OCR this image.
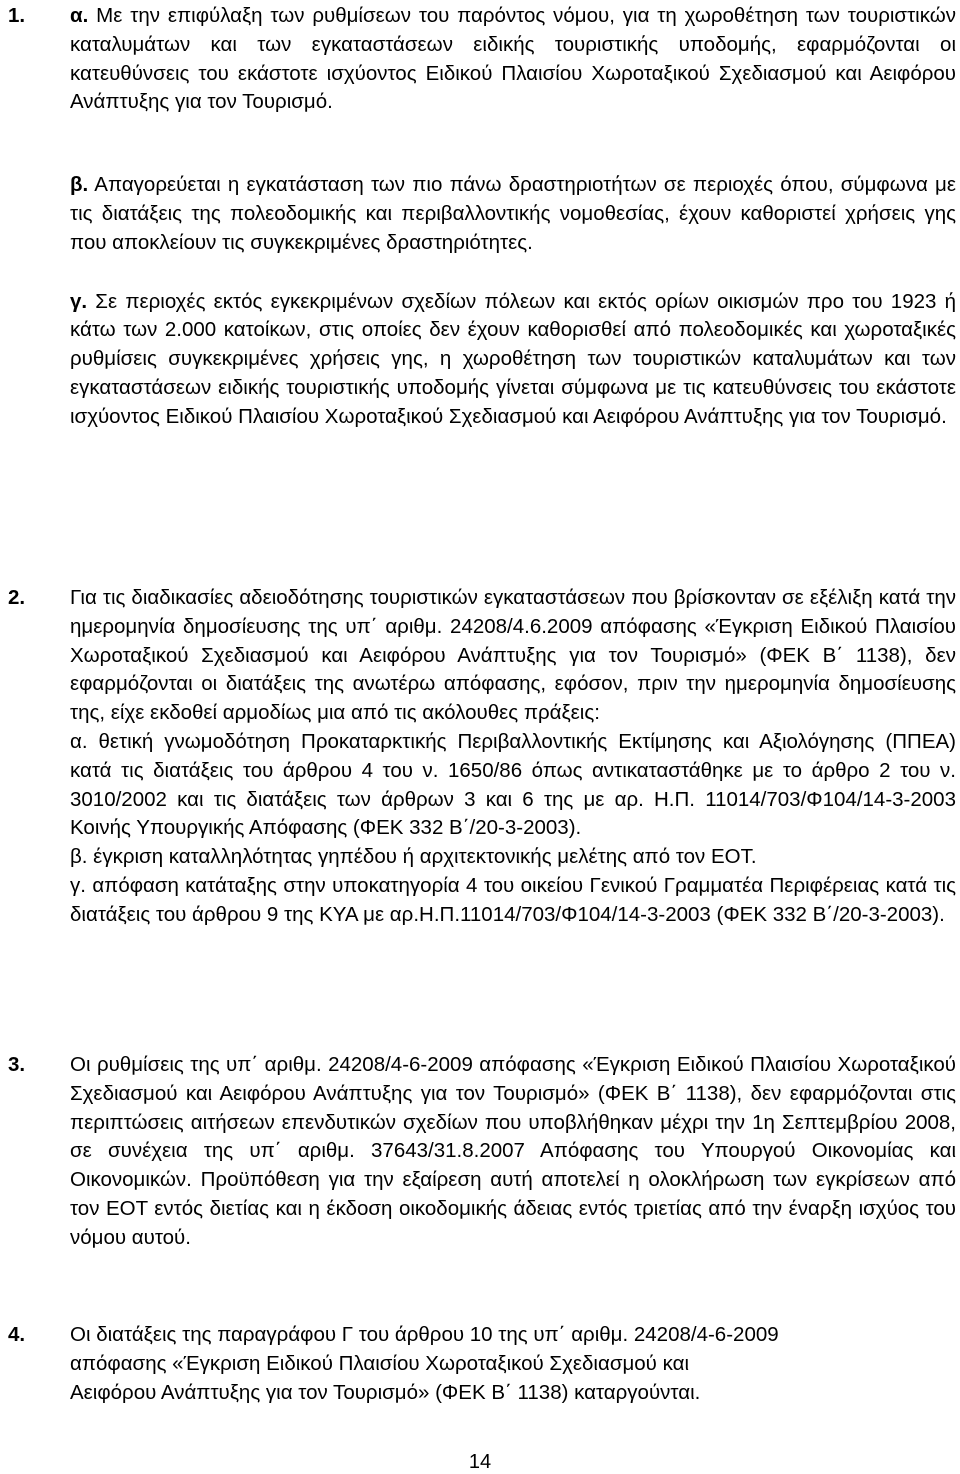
1. α. Με την επιφύλαξη των ρυθμίσεων του παρόντος νόμου, για τη χωροθέτηση των τουριστικών καταλυμάτων και των εγκαταστάσεων ειδικής τουριστικής υποδομής, εφαρμόζονται οι κατευθύνσεις του εκάστοτε ισχύοντος Ειδικού Πλαισίου Χωροταξικού Σχεδιασμού και Αειφόρου Ανάπτυξης για τον Τουρισμό.

β. Απαγορεύεται η εγκατάσταση των πιο πάνω δραστηριοτήτων σε περιοχές όπου, σύμφωνα με τις διατάξεις της πολεοδομικής και περιβαλλοντικής νομοθεσίας, έχουν καθοριστεί χρήσεις γης που αποκλείουν τις συγκεκριμένες δραστηριότητες.

γ. Σε περιοχές εκτός εγκεκριμένων σχεδίων πόλεων και εκτός ορίων οικισμών προ του 1923 ή κάτω των 2.000 κατοίκων, στις οποίες δεν έχουν καθορισθεί από πολεοδομικές και χωροταξικές ρυθμίσεις συγκεκριμένες χρήσεις γης, η χωροθέτηση των τουριστικών καταλυμάτων και των εγκαταστάσεων ειδικής τουριστικής υποδομής γίνεται σύμφωνα με τις κατευθύνσεις του εκάστοτε ισχύοντος Ειδικού Πλαισίου Χωροταξικού Σχεδιασμού και Αειφόρου Ανάπτυξης για τον Τουρισμό.

2. Για τις διαδικασίες αδειοδότησης τουριστικών εγκαταστάσεων που βρίσκονταν σε εξέλιξη κατά την ημερομηνία δημοσίευσης της υπ΄ αριθμ. 24208/4.6.2009 απόφασης «Έγκριση Ειδικού Πλαισίου Χωροταξικού Σχεδιασμού και Αειφόρου Ανάπτυξης για τον Τουρισμό» (ΦΕΚ Β΄ 1138), δεν εφαρμόζονται οι διατάξεις της ανωτέρω απόφασης, εφόσον, πριν την ημερομηνία δημοσίευσης της, είχε εκδοθεί αρμοδίως μια από τις ακόλουθες πράξεις:

α. θετική γνωμοδότηση Προκαταρκτικής Περιβαλλοντικής Εκτίμησης και Αξιολόγησης (ΠΠΕΑ) κατά τις διατάξεις του άρθρου 4 του ν. 1650/86 όπως αντικαταστάθηκε με το άρθρο 2 του ν. 3010/2002 και τις διατάξεις των άρθρων 3 και 6 της με αρ. Η.Π. 11014/703/Φ104/14-3-2003 Κοινής Υπουργικής Απόφασης (ΦΕΚ 332 Β΄/20-3-2003).

β. έγκριση καταλληλότητας γηπέδου ή αρχιτεκτονικής μελέτης από τον ΕΟΤ.

γ. απόφαση κατάταξης στην υποκατηγορία 4 του οικείου Γενικού Γραμματέα Περιφέρειας κατά τις διατάξεις του άρθρου 9 της ΚΥΑ με αρ.Η.Π.11014/703/Φ104/14-3-2003 (ΦΕΚ 332 Β΄/20-3-2003).

3. Οι ρυθμίσεις της υπ΄ αριθμ. 24208/4-6-2009 απόφασης «Έγκριση Ειδικού Πλαισίου Χωροταξικού Σχεδιασμού και Αειφόρου Ανάπτυξης για τον Τουρισμό» (ΦΕΚ Β΄ 1138), δεν εφαρμόζονται στις περιπτώσεις αιτήσεων επενδυτικών σχεδίων που υποβλήθηκαν μέχρι την 1η Σεπτεμβρίου 2008, σε συνέχεια της υπ΄ αριθμ. 37643/31.8.2007 Απόφασης του Υπουργού Οικονομίας και Οικονομικών. Προϋπόθεση για την εξαίρεση αυτή αποτελεί η ολοκλήρωση των εγκρίσεων από τον ΕΟΤ εντός διετίας και η έκδοση οικοδομικής άδειας εντός τριετίας από την έναρξη ισχύος του νόμου αυτού.

4. Οι διατάξεις της παραγράφου Γ του άρθρου 10 της υπ΄ αριθμ. 24208/4-6-2009
απόφασης «Έγκριση Ειδικού Πλαισίου Χωροταξικού Σχεδιασμού και
Αειφόρου Ανάπτυξης για τον Τουρισμό» (ΦΕΚ Β΄ 1138) καταργούνται.
14
